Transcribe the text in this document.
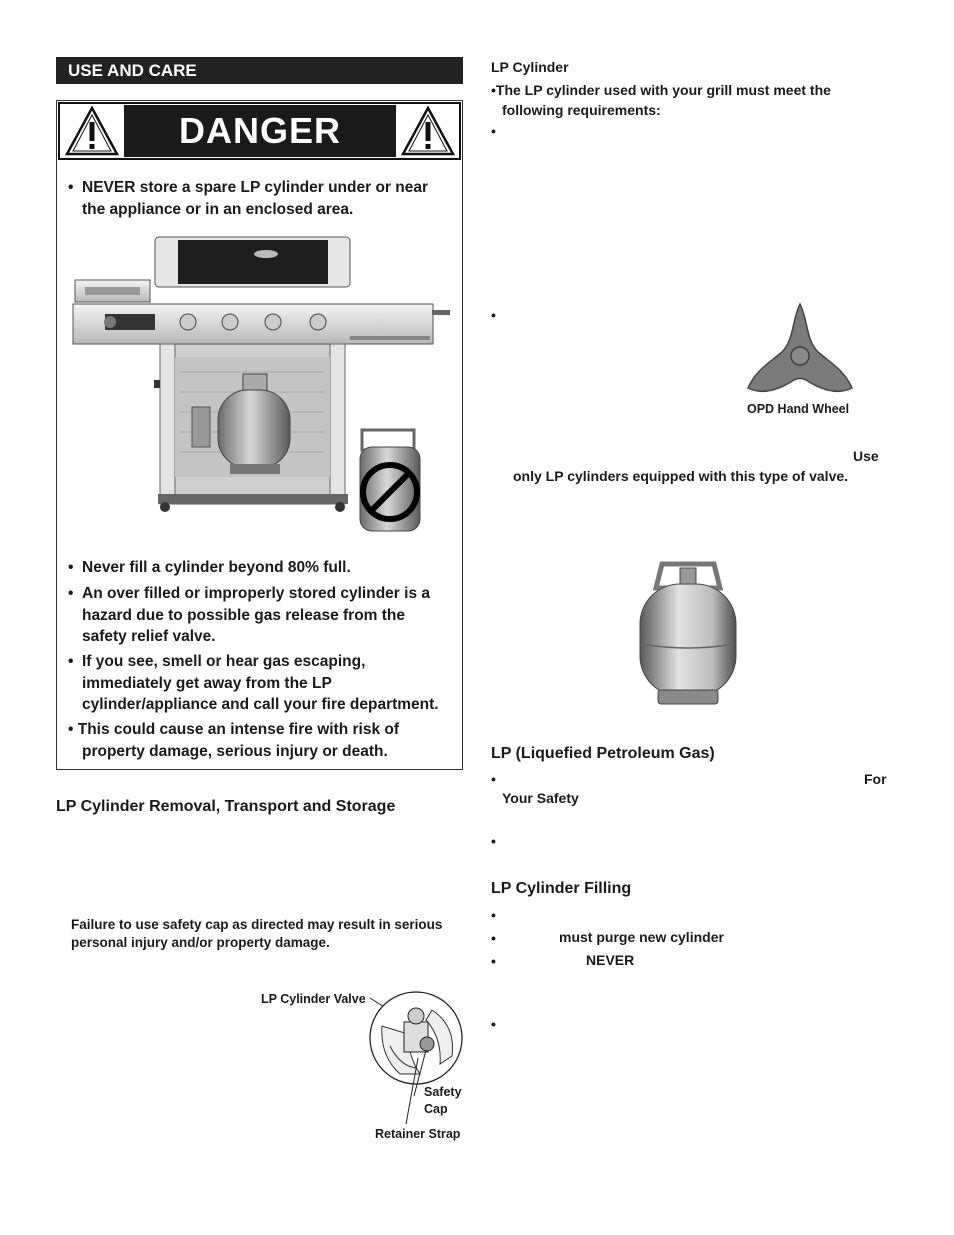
USE AND CARE
DANGER
• NEVER store a spare LP cylinder under or near the appliance or in an enclosed area.
• Never fill a cylinder beyond 80% full.
• An over filled or improperly stored cylinder is a hazard due to possible gas release from the safety relief valve.
• If you see, smell or hear gas escaping, immediately get away from the LP cylinder/appliance and call your fire department.
• This could cause an intense fire with risk of property damage, serious injury or death.
LP Cylinder Removal, Transport and Storage
Failure to use safety cap as directed may result in serious personal injury and/or property damage.
LP Cylinder Valve
Safety
Cap
Retainer Strap
LP Cylinder
•The LP cylinder used with your grill must meet the
following requirements:
•
•
OPD Hand Wheel
Use
only LP cylinders equipped with this type of valve.
LP (Liquefied Petroleum Gas)
•	For
Your Safety
•
LP Cylinder Filling
•
•	must purge new cylinder
•	NEVER
•
